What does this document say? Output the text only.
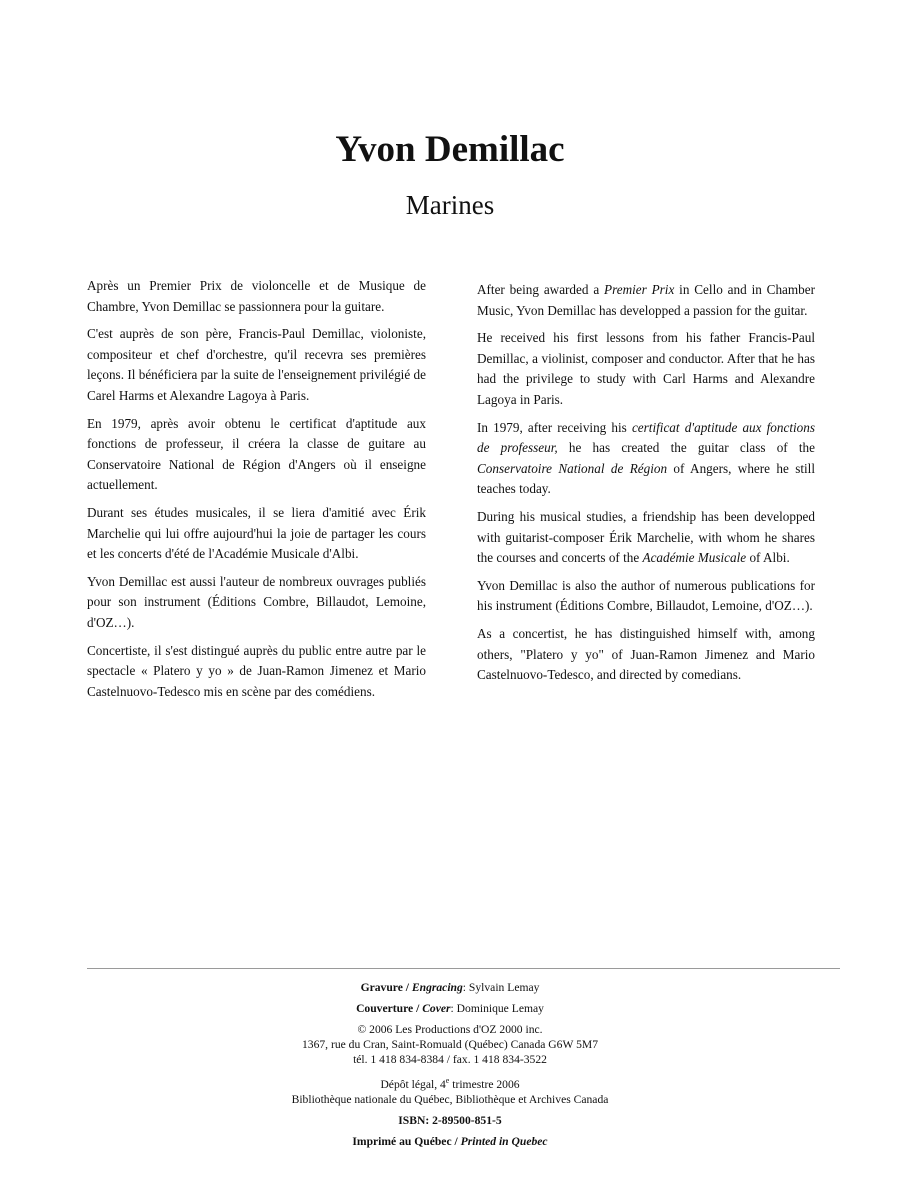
Yvon Demillac
Marines

Après un Premier Prix de violoncelle et de Musique de Chambre, Yvon Demillac se passionnera pour la guitare.

C'est auprès de son père, Francis-Paul Demillac, violoniste, compositeur et chef d'orchestre, qu'il recevra ses premières leçons. Il bénéficiera par la suite de l'enseignement privilégié de Carel Harms et Alexandre Lagoya à Paris.

En 1979, après avoir obtenu le certificat d'aptitude aux fonctions de professeur, il créera la classe de guitare au Conservatoire National de Région d'Angers où il enseigne actuellement.

Durant ses études musicales, il se liera d'amitié avec Érik Marchelie qui lui offre aujourd'hui la joie de partager les cours et les concerts d'été de l'Académie Musicale d'Albi.

Yvon Demillac est aussi l'auteur de nombreux ouvrages publiés pour son instrument (Éditions Combre, Billaudot, Lemoine, d'OZ…).

Concertiste, il s'est distingué auprès du public entre autre par le spectacle « Platero y yo » de Juan-Ramon Jimenez et Mario Castelnuovo-Tedesco mis en scène par des comédiens.

After being awarded a Premier Prix in Cello and in Chamber Music, Yvon Demillac has developped a passion for the guitar.

He received his first lessons from his father Francis-Paul Demillac, a violinist, composer and conductor. After that he has had the privilege to study with Carl Harms and Alexandre Lagoya in Paris.

In 1979, after receiving his certificat d'aptitude aux fonctions de professeur, he has created the guitar class of the Conservatoire National de Région of Angers, where he still teaches today.

During his musical studies, a friendship has been developped with guitarist-composer Érik Marchelie, with whom he shares the courses and concerts of the Académie Musicale of Albi.

Yvon Demillac is also the author of numerous publications for his instrument (Éditions Combre, Billaudot, Lemoine, d'OZ…).

As a concertist, he has distinguished himself with, among others, "Platero y yo" of Juan-Ramon Jimenez and Mario Castelnuovo-Tedesco, and directed by comedians.

Gravure / Engracing: Sylvain Lemay
Couverture / Cover: Dominique Lemay
© 2006 Les Productions d'OZ 2000 inc.
1367, rue du Cran, Saint-Romuald (Québec) Canada G6W 5M7
tél. 1 418 834-8384 / fax. 1 418 834-3522
Dépôt légal, 4e trimestre 2006
Bibliothèque nationale du Québec, Bibliothèque et Archives Canada
ISBN: 2-89500-851-5
Imprimé au Québec / Printed in Quebec
